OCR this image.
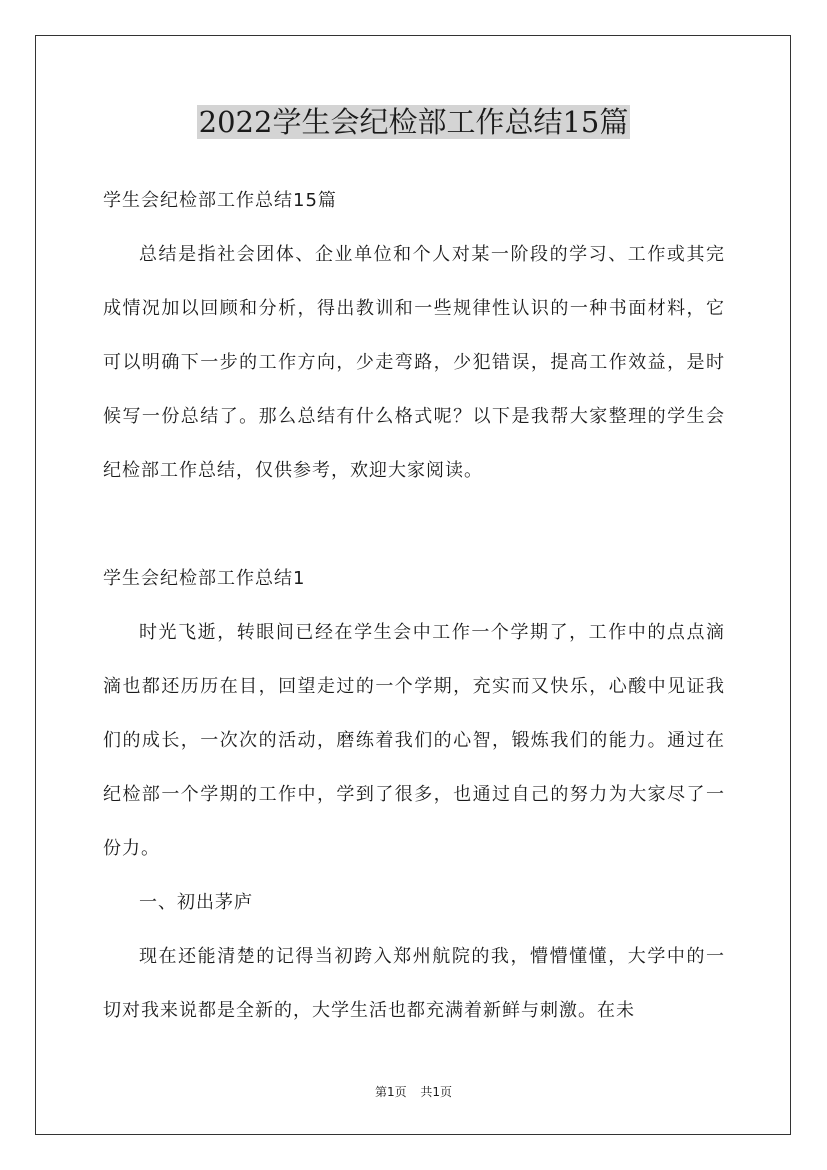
2022学生会纪检部工作总结15篇

学生会纪检部工作总结15篇

总结是指社会团体、企业单位和个人对某一阶段的学习、工作或其完成情况加以回顾和分析，得出教训和一些规律性认识的一种书面材料，它可以明确下一步的工作方向，少走弯路，少犯错误，提高工作效益，是时候写一份总结了。那么总结有什么格式呢？以下是我帮大家整理的学生会纪检部工作总结，仅供参考，欢迎大家阅读。

学生会纪检部工作总结1

时光飞逝，转眼间已经在学生会中工作一个学期了，工作中的点点滴滴也都还历历在目，回望走过的一个学期，充实而又快乐，心酸中见证我们的成长，一次次的活动，磨练着我们的心智，锻炼我们的能力。通过在纪检部一个学期的工作中，学到了很多，也通过自己的努力为大家尽了一份力。

一、初出茅庐

现在还能清楚的记得当初跨入郑州航院的我，懵懵懂懂，大学中的一切对我来说都是全新的，大学生活也都充满着新鲜与刺激。在未

第1页 共1页
